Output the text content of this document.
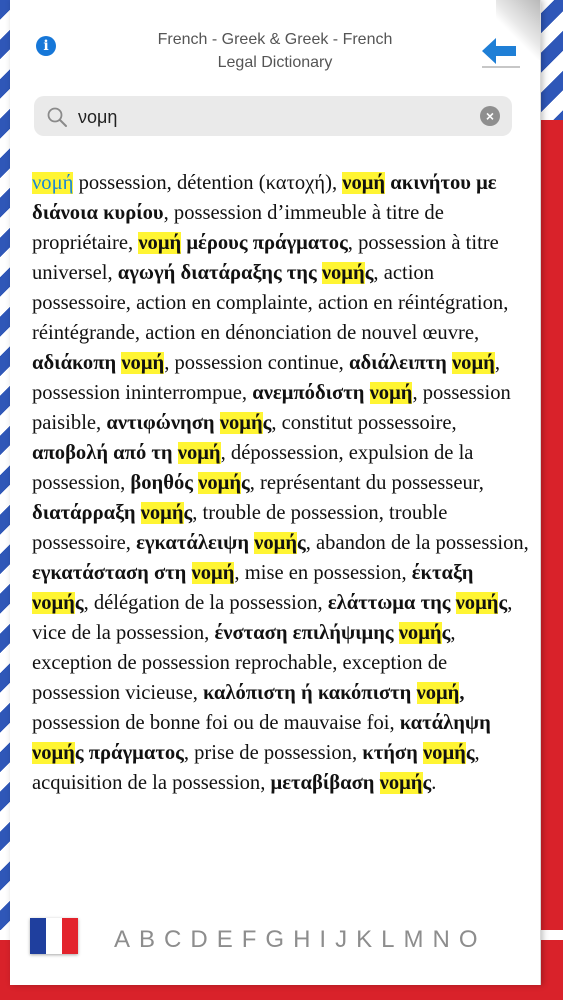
i	French - Greek & Greek - French
Legal Dictionary
νομη
×

νομή possession, détention (κατοχή), νομή ακινήτου με διάνοια κυρίου, possession d’immeuble à titre de propriétaire, νομή μέρους πράγματος, possession à titre universel, αγωγή διατάραξης της νομής, action possessoire, action en complainte, action en réintégration, réintégrande, action en dénonciation de nouvel œuvre, αδιάκοπη νομή, possession continue, αδιάλειπτη νομή, possession ininterrompue, ανεμπόδιστη νομή, possession paisible, αντιφώνηση νομής, constitut possessoire, αποβολή από τη νομή, dépossession, expulsion de la possession, βοηθός νομής, représentant du possesseur, διατάρραξη νομής, trouble de possession, trouble possessoire, εγκατάλειψη νομής, abandon de la possession, εγκατάσταση στη νομή, mise en possession, έκταξη νομής, délégation de la possession, ελάττωμα της νομής, vice de la possession, ένσταση επιλήψιμης νομής, exception de possession reprochable, exception de possession vicieuse, καλόπιστη ή κακόπιστη νομή, possession de bonne foi ou de mauvaise foi, κατάληψη νομής πράγματος, prise de possession, κτήση νομής, acquisition de la possession, μεταβίβαση νομής.

A B C D E F G H I J K L M N O
